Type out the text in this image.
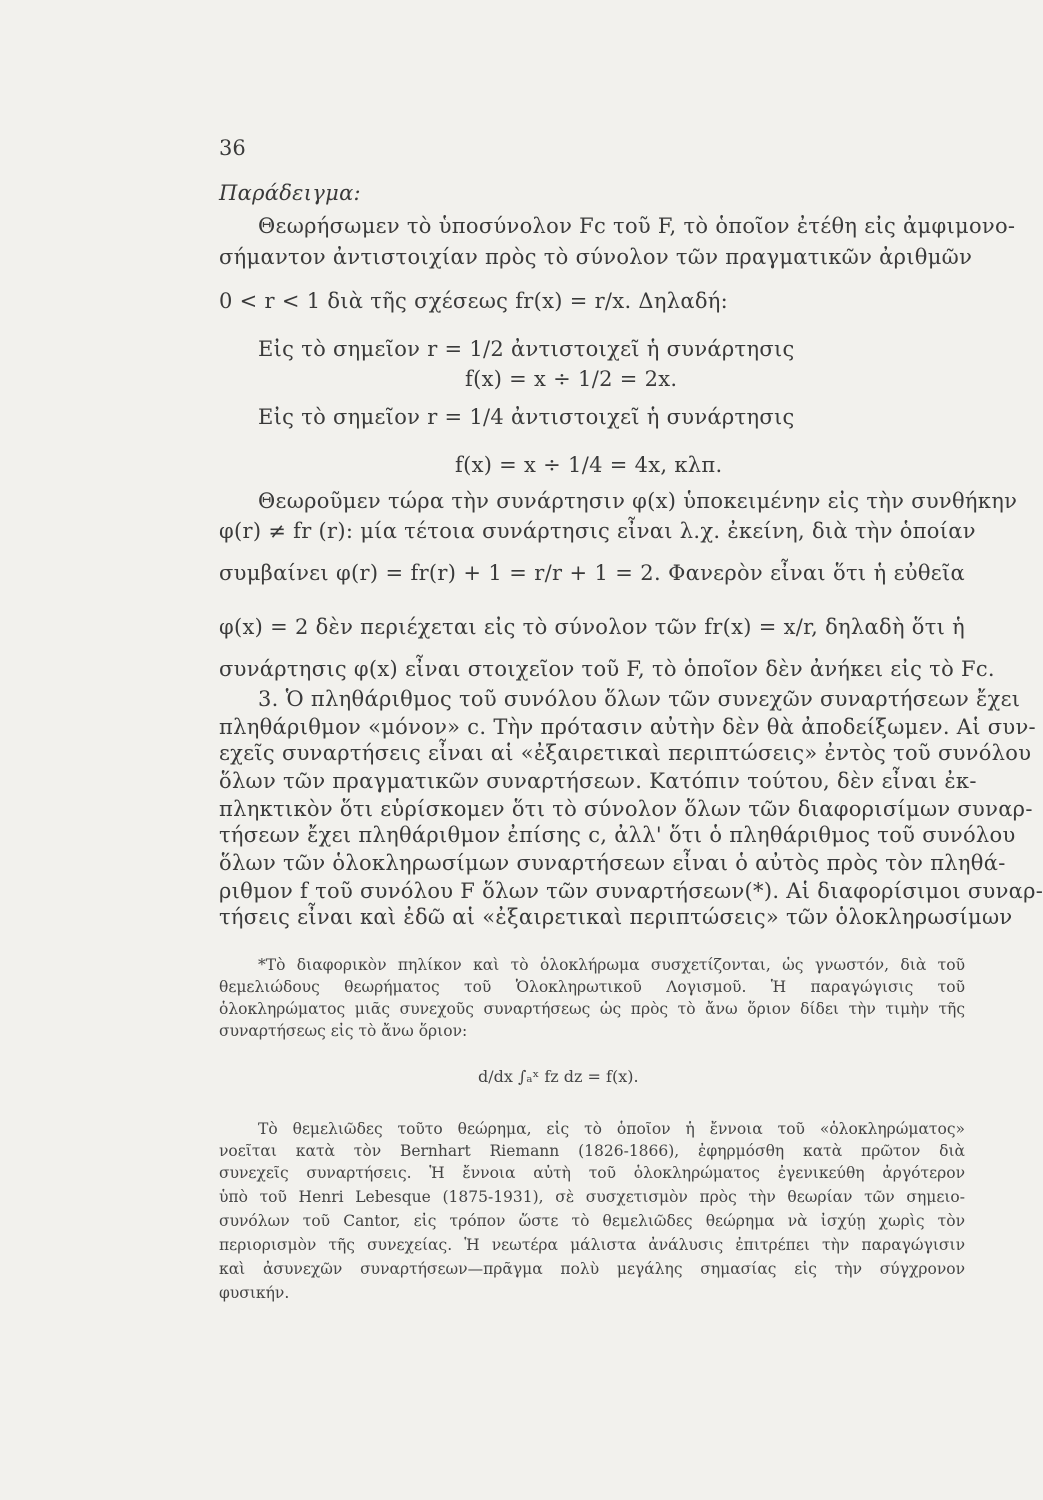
36
Παράδειγμα:
Θεωρήσωμεν τὸ ὑποσύνολον Fc τοῦ F, τὸ ὁποῖον ἐτέθη εἰς ἀμφιμονο-
σήμαντον ἀντιστοιχίαν πρὸς τὸ σύνολον τῶν πραγματικῶν ἀριθμῶν
0 < r < 1 διὰ τῆς σχέσεως fr(x) = r/x. Δηλαδή:
Εἰς τὸ σημεῖον r = 1/2 ἀντιστοιχεῖ ἡ συνάρτησις
f(x) = x ÷ 1/2 = 2x.
Εἰς τὸ σημεῖον r = 1/4 ἀντιστοιχεῖ ἡ συνάρτησις
f(x) = x ÷ 1/4 = 4x, κλπ.
Θεωροῦμεν τώρα τὴν συνάρτησιν φ(x) ὑποκειμένην εἰς τὴν συνθήκην
φ(r) ≠ fr (r): μία τέτοια συνάρτησις εἶναι λ.χ. ἐκείνη, διὰ τὴν ὁποίαν
συμβαίνει φ(r) = fr(r) + 1 = r/r + 1 = 2. Φανερὸν εἶναι ὅτι ἡ εὐθεῖα
φ(x) = 2 δὲν περιέχεται εἰς τὸ σύνολον τῶν fr(x) = x/r, δηλαδὴ ὅτι ἡ
συνάρτησις φ(x) εἶναι στοιχεῖον τοῦ F, τὸ ὁποῖον δὲν ἀνήκει εἰς τὸ Fc.
3. Ὁ πληθάριθμος τοῦ συνόλου ὅλων τῶν συνεχῶν συναρτήσεων ἔχει
πληθάριθμον «μόνον» c. Τὴν πρότασιν αὐτὴν δὲν θὰ ἀποδείξωμεν. Αἱ συν-
εχεῖς συναρτήσεις εἶναι αἱ «ἐξαιρετικαὶ περιπτώσεις» ἐντὸς τοῦ συνόλου
ὅλων τῶν πραγματικῶν συναρτήσεων. Κατόπιν τούτου, δὲν εἶναι ἐκ-
πληκτικὸν ὅτι εὑρίσκομεν ὅτι τὸ σύνολον ὅλων τῶν διαφορισίμων συναρ-
τήσεων ἔχει πληθάριθμον ἐπίσης c, ἀλλ' ὅτι ὁ πληθάριθμος τοῦ συνόλου
ὅλων τῶν ὁλοκληρωσίμων συναρτήσεων εἶναι ὁ αὐτὸς πρὸς τὸν πληθά-
ριθμον f τοῦ συνόλου F ὅλων τῶν συναρτήσεων(*). Αἱ διαφορίσιμοι συναρ-
τήσεις εἶναι καὶ ἐδῶ αἱ «ἐξαιρετικαὶ περιπτώσεις» τῶν ὁλοκληρωσίμων
*Τὸ διαφορικὸν πηλίκον καὶ τὸ ὁλοκλήρωμα συσχετίζονται, ὡς γνωστόν, διὰ τοῦ
θεμελιώδους θεωρήματος τοῦ Ὁλοκληρωτικοῦ Λογισμοῦ. Ἡ παραγώγισις τοῦ
ὁλοκληρώματος μιᾶς συνεχοῦς συναρτήσεως ὡς πρὸς τὸ ἄνω ὅριον δίδει τὴν τιμὴν τῆς
συναρτήσεως εἰς τὸ ἄνω ὅριον:
d/dx ∫ₐˣ fz dz = f(x).
Τὸ θεμελιῶδες τοῦτο θεώρημα, εἰς τὸ ὁποῖον ἡ ἔννοια τοῦ «ὁλοκληρώματος»
νοεῖται κατὰ τὸν Bernhart Riemann (1826-1866), ἐφηρμόσθη κατὰ πρῶτον διὰ
συνεχεῖς συναρτήσεις. Ἡ ἔννοια αὐτὴ τοῦ ὁλοκληρώματος ἐγενικεύθη ἀργότερον
ὑπὸ τοῦ Henri Lebesque (1875-1931), σὲ συσχετισμὸν πρὸς τὴν θεωρίαν τῶν σημειο-
συνόλων τοῦ Cantor, εἰς τρόπον ὥστε τὸ θεμελιῶδες θεώρημα νὰ ἰσχύῃ χωρὶς τὸν
περιορισμὸν τῆς συνεχείας. Ἡ νεωτέρα μάλιστα ἀνάλυσις ἐπιτρέπει τὴν παραγώγισιν
καὶ ἀσυνεχῶν συναρτήσεων—πρᾶγμα πολὺ μεγάλης σημασίας εἰς τὴν σύγχρονον
φυσικήν.
